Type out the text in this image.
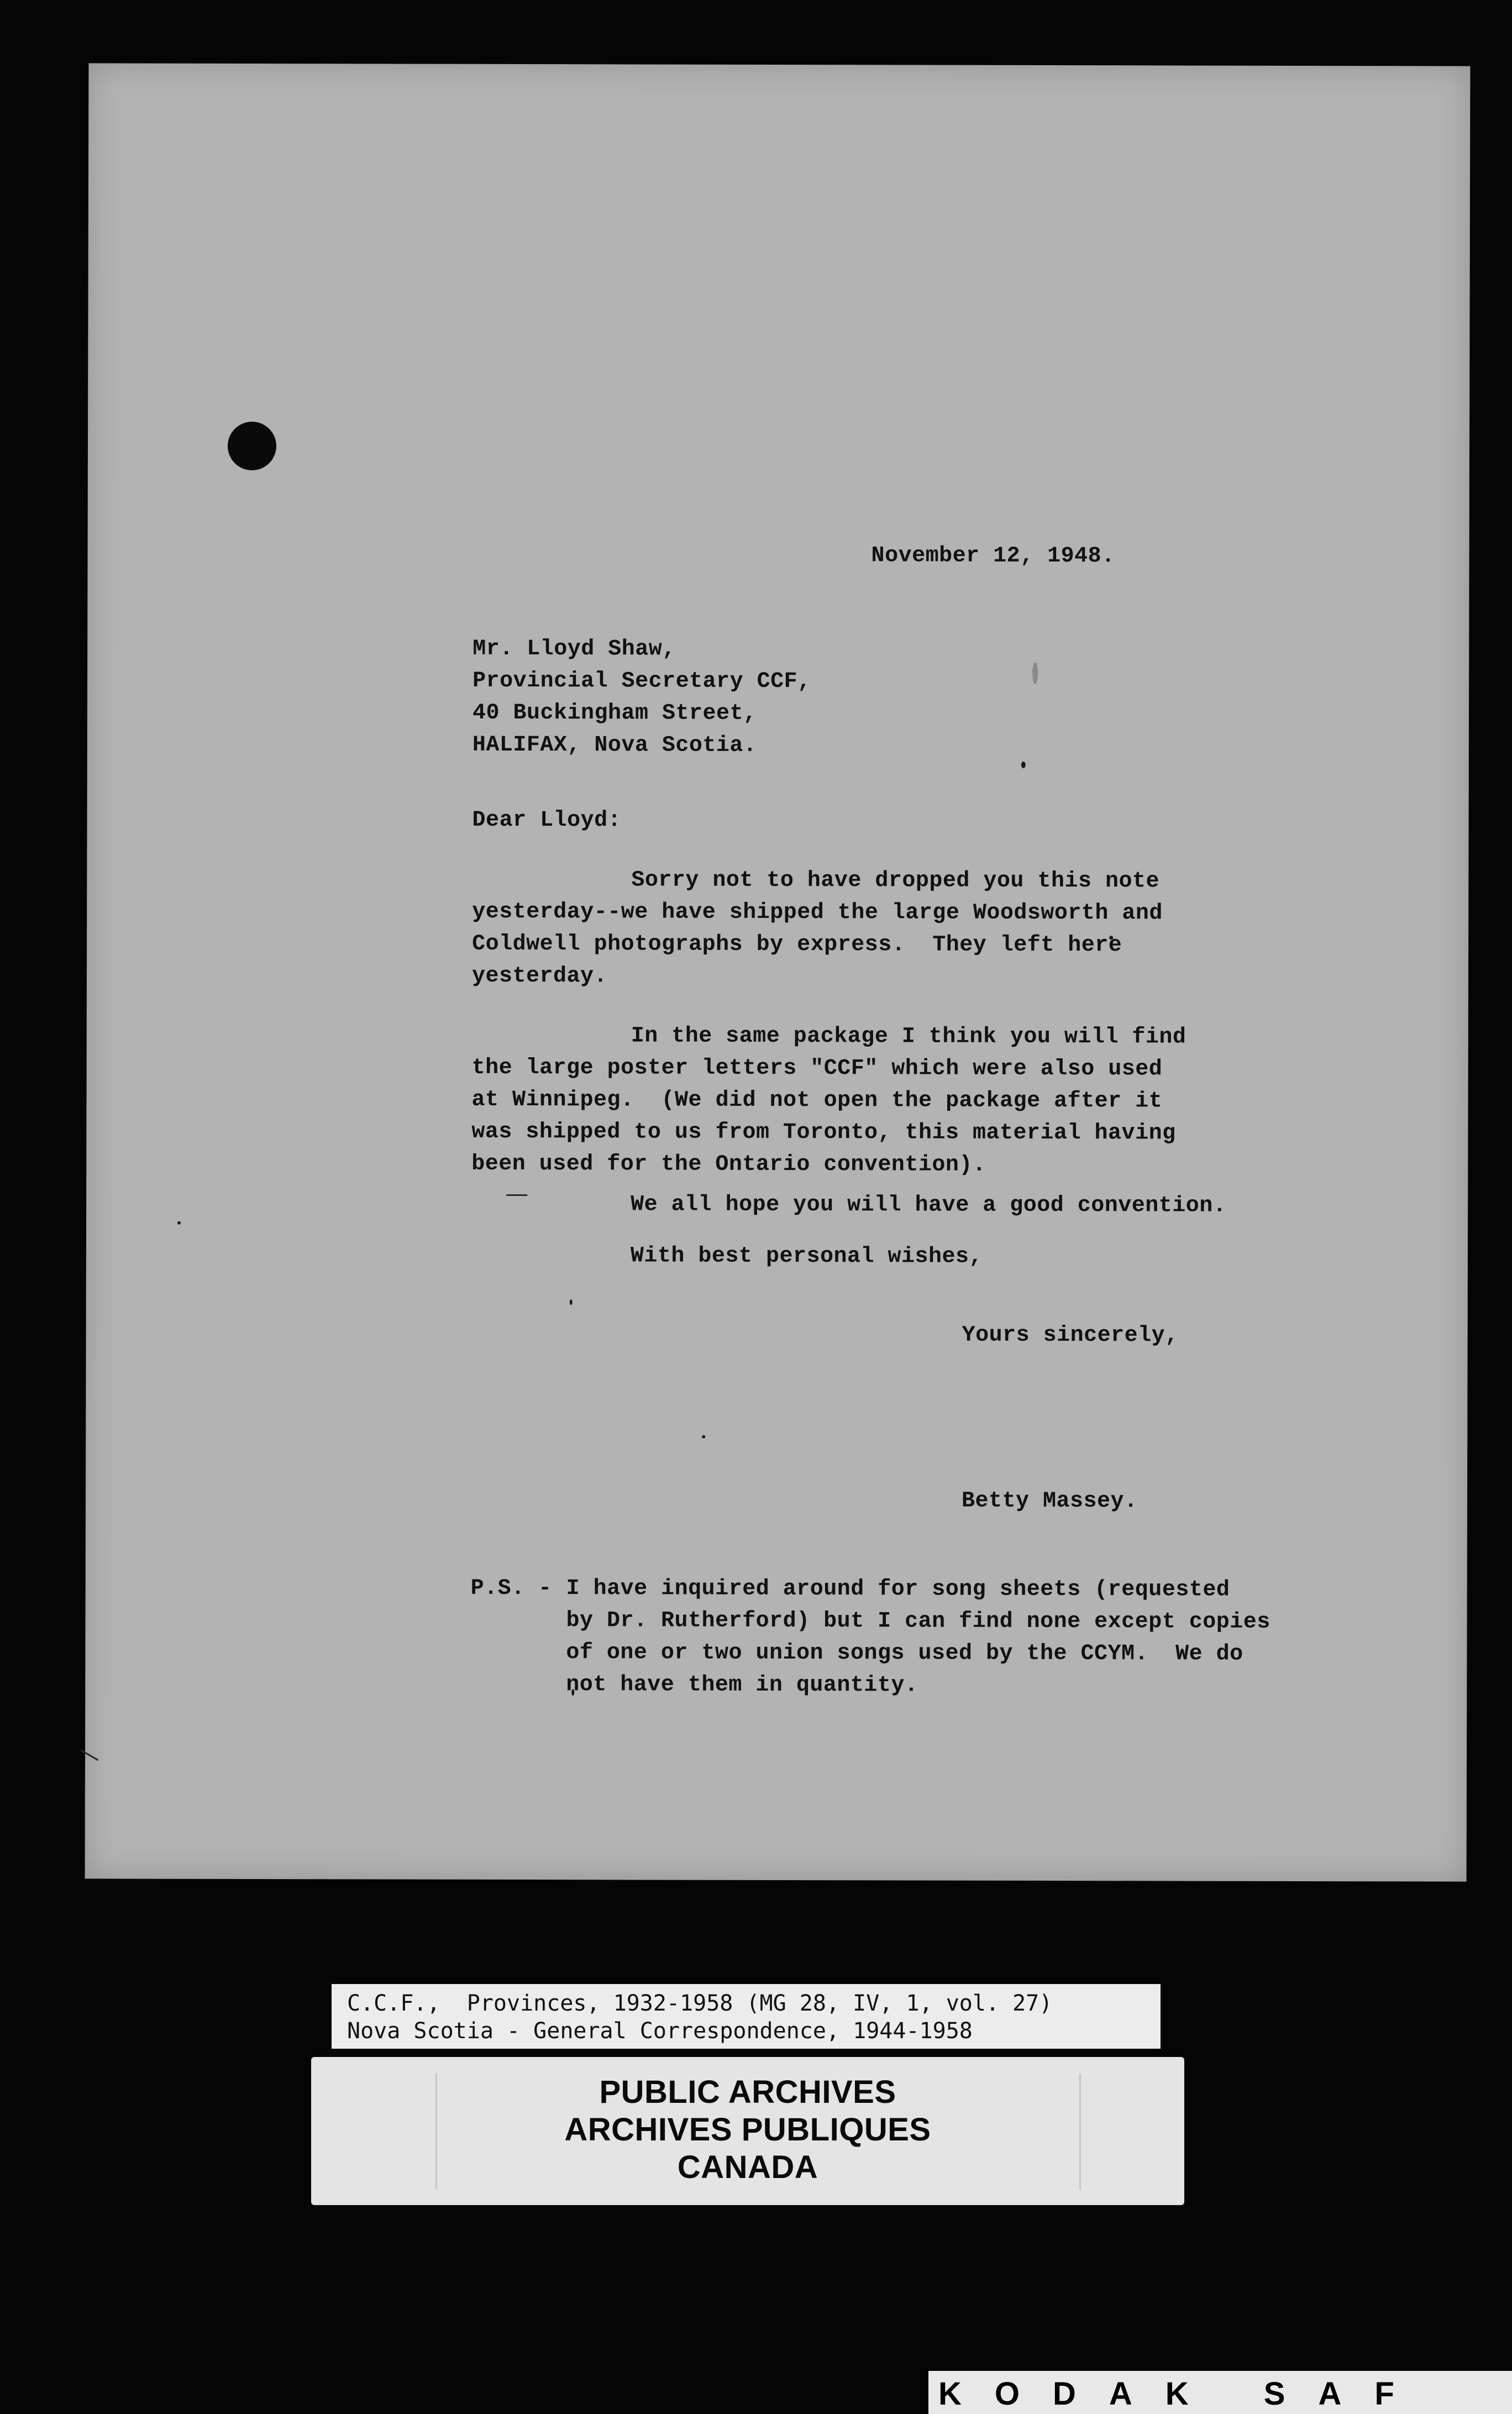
November 12, 1948.
Mr. Lloyd Shaw,
Provincial Secretary CCF,
40 Buckingham Street,
HALIFAX, Nova Scotia.
Dear Lloyd:
Sorry not to have dropped you this note
yesterday--we have shipped the large Woodsworth and
Coldwell photographs by express.  They left here
yesterday.
In the same package I think you will find
the large poster letters "CCF" which were also used
at Winnipeg.  (We did not open the package after it
was shipped to us from Toronto, this material having
been used for the Ontario convention).
We all hope you will have a good convention.
With best personal wishes,
Yours sincerely,
Betty Massey.
P.S. - I have inquired around for song sheets (requested
by Dr. Rutherford) but I can find none except copies
of one or two union songs used by the CCYM.  We do
not have them in quantity.
C.C.F.,  Provinces, 1932-1958 (MG 28, IV, 1, vol. 27)
Nova Scotia - General Correspondence, 1944-1958
PUBLIC ARCHIVES
ARCHIVES PUBLIQUES
CANADA
KODAK SAF
